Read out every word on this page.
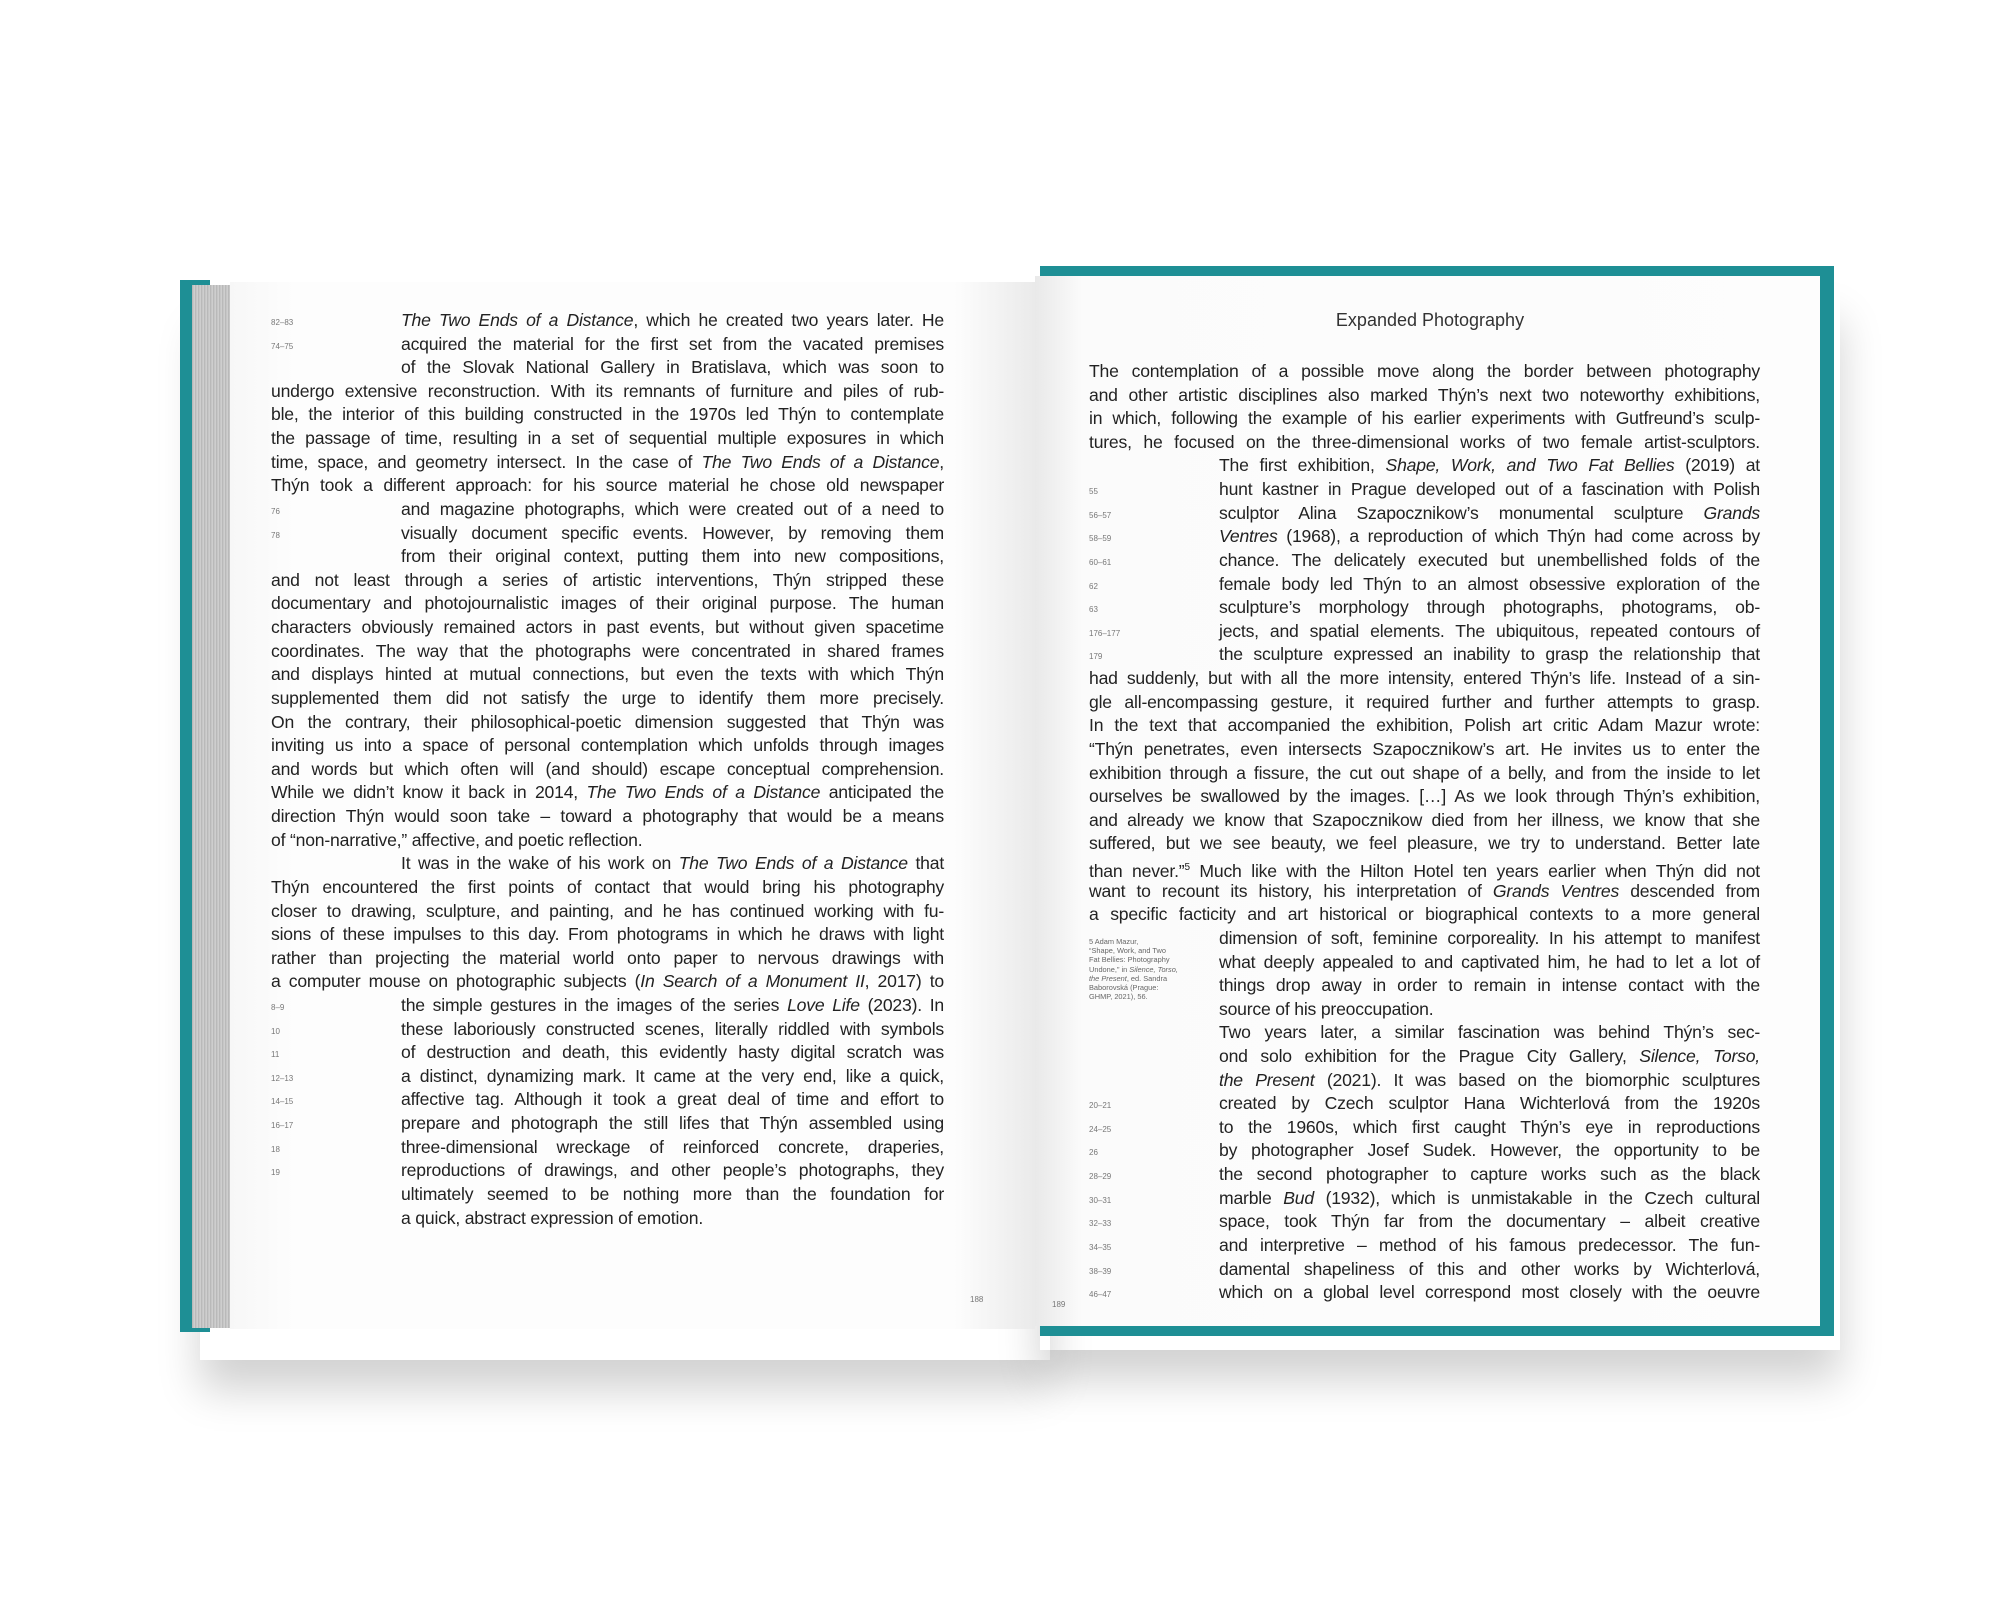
The Two Ends of a Distance, which he created two years later. He
acquired the material for the first set from the vacated premises
of the Slovak National Gallery in Bratislava, which was soon to
undergo extensive reconstruction. With its remnants of furniture and piles of rub-
ble, the interior of this building constructed in the 1970s led Thýn to contemplate
the passage of time, resulting in a set of sequential multiple exposures in which
time, space, and geometry intersect. In the case of The Two Ends of a Distance,
Thýn took a different approach: for his source material he chose old newspaper
and magazine photographs, which were created out of a need to
visually document specific events. However, by removing them
from their original context, putting them into new compositions,
and not least through a series of artistic interventions, Thýn stripped these
documentary and photojournalistic images of their original purpose. The human
characters obviously remained actors in past events, but without given spacetime
coordinates. The way that the photographs were concentrated in shared frames
and displays hinted at mutual connections, but even the texts with which Thýn
supplemented them did not satisfy the urge to identify them more precisely.
On the contrary, their philosophical-poetic dimension suggested that Thýn was
inviting us into a space of personal contemplation which unfolds through images
and words but which often will (and should) escape conceptual comprehension.
While we didn’t know it back in 2014, The Two Ends of a Distance anticipated the
direction Thýn would soon take – toward a photography that would be a means
of “non-narrative,” affective, and poetic reflection.
It was in the wake of his work on The Two Ends of a Distance that
Thýn encountered the first points of contact that would bring his photography
closer to drawing, sculpture, and painting, and he has continued working with fu-
sions of these impulses to this day. From photograms in which he draws with light
rather than projecting the material world onto paper to nervous drawings with
a computer mouse on photographic subjects (In Search of a Monument II, 2017) to
the simple gestures in the images of the series Love Life (2023). In
these laboriously constructed scenes, literally riddled with symbols
of destruction and death, this evidently hasty digital scratch was
a distinct, dynamizing mark. It came at the very end, like a quick,
affective tag. Although it took a great deal of time and effort to
prepare and photograph the still lifes that Thýn assembled using
three-dimensional wreckage of reinforced concrete, draperies,
reproductions of drawings, and other people’s photographs, they
ultimately seemed to be nothing more than the foundation for
a quick, abstract expression of emotion.
82–83
74–75
76
78
8–9
10
11
12–13
14–15
16–17
18
19
The contemplation of a possible move along the border between photography
and other artistic disciplines also marked Thýn’s next two noteworthy exhibitions,
in which, following the example of his earlier experiments with Gutfreund’s sculp-
tures, he focused on the three-dimensional works of two female artist-sculptors.
The first exhibition, Shape, Work, and Two Fat Bellies (2019) at
hunt kastner in Prague developed out of a fascination with Polish
sculptor Alina Szapocznikow’s monumental sculpture Grands
Ventres (1968), a reproduction of which Thýn had come across by
chance. The delicately executed but unembellished folds of the
female body led Thýn to an almost obsessive exploration of the
sculpture’s morphology through photographs, photograms, ob-
jects, and spatial elements. The ubiquitous, repeated contours of
the sculpture expressed an inability to grasp the relationship that
had suddenly, but with all the more intensity, entered Thýn’s life. Instead of a sin-
gle all-encompassing gesture, it required further and further attempts to grasp.
In the text that accompanied the exhibition, Polish art critic Adam Mazur wrote:
“Thýn penetrates, even intersects Szapocznikow’s art. He invites us to enter the
exhibition through a fissure, the cut out shape of a belly, and from the inside to let
ourselves be swallowed by the images. […] As we look through Thýn’s exhibition,
and already we know that Szapocznikow died from her illness, we know that she
suffered, but we see beauty, we feel pleasure, we try to understand. Better late
than never.”$^5$ Much like with the Hilton Hotel ten years earlier when Thýn did not
want to recount its history, his interpretation of Grands Ventres descended from
a specific facticity and art historical or biographical contexts to a more general
dimension of soft, feminine corporeality. In his attempt to manifest
what deeply appealed to and captivated him, he had to let a lot of
things drop away in order to remain in intense contact with the
source of his preoccupation.
Two years later, a similar fascination was behind Thýn’s sec-
ond solo exhibition for the Prague City Gallery, Silence, Torso,
the Present (2021). It was based on the biomorphic sculptures
created by Czech sculptor Hana Wichterlová from the 1920s
to the 1960s, which first caught Thýn’s eye in reproductions
by photographer Josef Sudek. However, the opportunity to be
the second photographer to capture works such as the black
marble Bud (1932), which is unmistakable in the Czech cultural
space, took Thýn far from the documentary – albeit creative
and interpretive – method of his famous predecessor. The fun-
damental shapeliness of this and other works by Wichterlová,
which on a global level correspond most closely with the oeuvre
55
56–57
58–59
60–61
62
63
176–177
179
20–21
24–25
26
28–29
30–31
32–33
34–35
38–39
46–47
Expanded Photography
188
189
5 Adam Mazur,
“Shape, Work, and Two
Fat Bellies: Photography
Undone,” in Silence, Torso,
the Present, ed. Sandra
Baborovská (Prague:
GHMP, 2021), 56.
